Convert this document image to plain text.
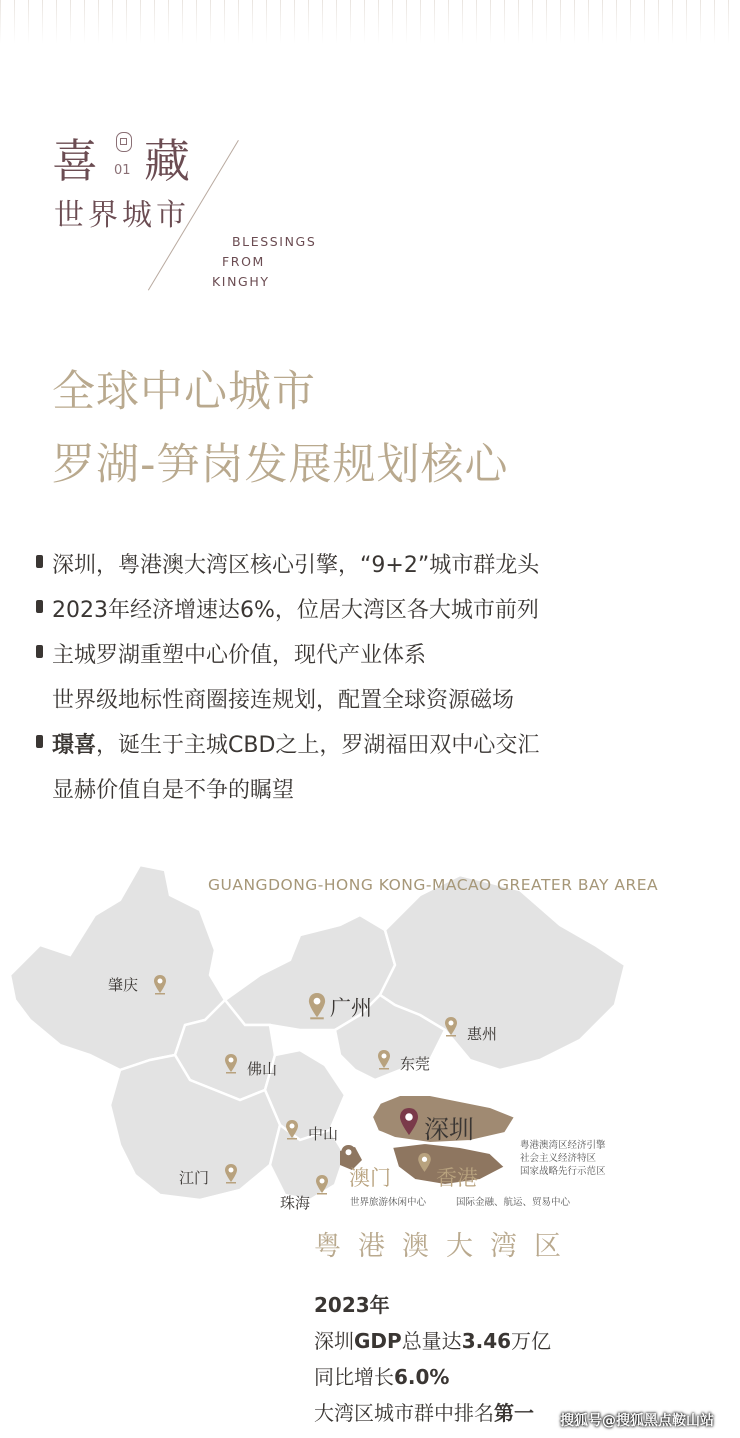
喜 01 藏
世界城市
BLESSINGS
FROM
KINGHY
全球中心城市
罗湖-笋岗发展规划核心
深圳，粤港澳大湾区核心引擎，“9+2”城市群龙头
2023年经济增速达6%，位居大湾区各大城市前列
主城罗湖重塑中心价值，现代产业体系
世界级地标性商圈接连规划，配置全球资源磁场
璟喜，诞生于主城CBD之上，罗湖福田双中心交汇
显赫价值自是不争的瞩望
GUANGDONG-HONG KONG-MACAO GREATER BAY AREA
肇庆
广州
惠州
佛山	东莞
深圳
粤港澳湾区经济引擎
社会主义经济特区
国家战略先行示范区
中山
江门	澳门 香港
珠海	世界旅游休闲中心	国际金融、航运、贸易中心
粤港澳大湾区
2023年
深圳GDP总量达3.46万亿
同比增长6.0%
大湾区城市群中排名第一 搜狐号@搜狐黑点鞍山站
